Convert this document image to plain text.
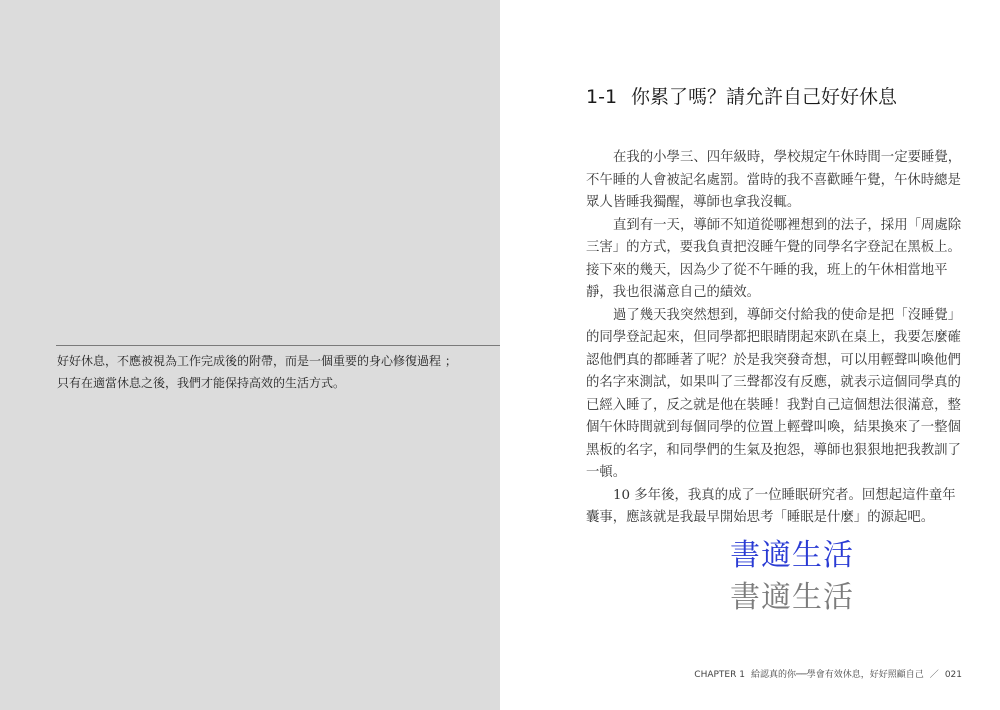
好好休息，不應被視為工作完成後的附帶，而是一個重要的身心修復過程 ；
只有在適當休息之後，我們才能保持高效的生活方式。
1-1 你累了嗎？請允許自己好好休息
在我的小學三、四年級時，學校規定午休時間一定要睡覺，
不午睡的人會被記名處罰。當時的我不喜歡睡午覺，午休時總是
眾人皆睡我獨醒，導師也拿我沒輒。
直到有一天，導師不知道從哪裡想到的法子，採用「周處除
三害」的方式，要我負責把沒睡午覺的同學名字登記在黑板上。
接下來的幾天，因為少了從不午睡的我，班上的午休相當地平
靜，我也很滿意自己的績效。
過了幾天我突然想到，導師交付給我的使命是把「沒睡覺」
的同學登記起來，但同學都把眼睛閉起來趴在桌上，我要怎麼確
認他們真的都睡著了呢？於是我突發奇想，可以用輕聲叫喚他們
的名字來測試，如果叫了三聲都沒有反應，就表示這個同學真的
已經入睡了，反之就是他在裝睡！我對自己這個想法很滿意，整
個午休時間就到每個同學的位置上輕聲叫喚，結果換來了一整個
黑板的名字，和同學們的生氣及抱怨，導師也狠狠地把我教訓了
一頓。
10 多年後，我真的成了一位睡眠研究者。回想起這件童年
囊事，應該就是我最早開始思考「睡眠是什麼」的源起吧。
書適生活
書適生活
CHAPTER 1 給認真的你──學會有效休息，好好照顧自己 ／ 021
